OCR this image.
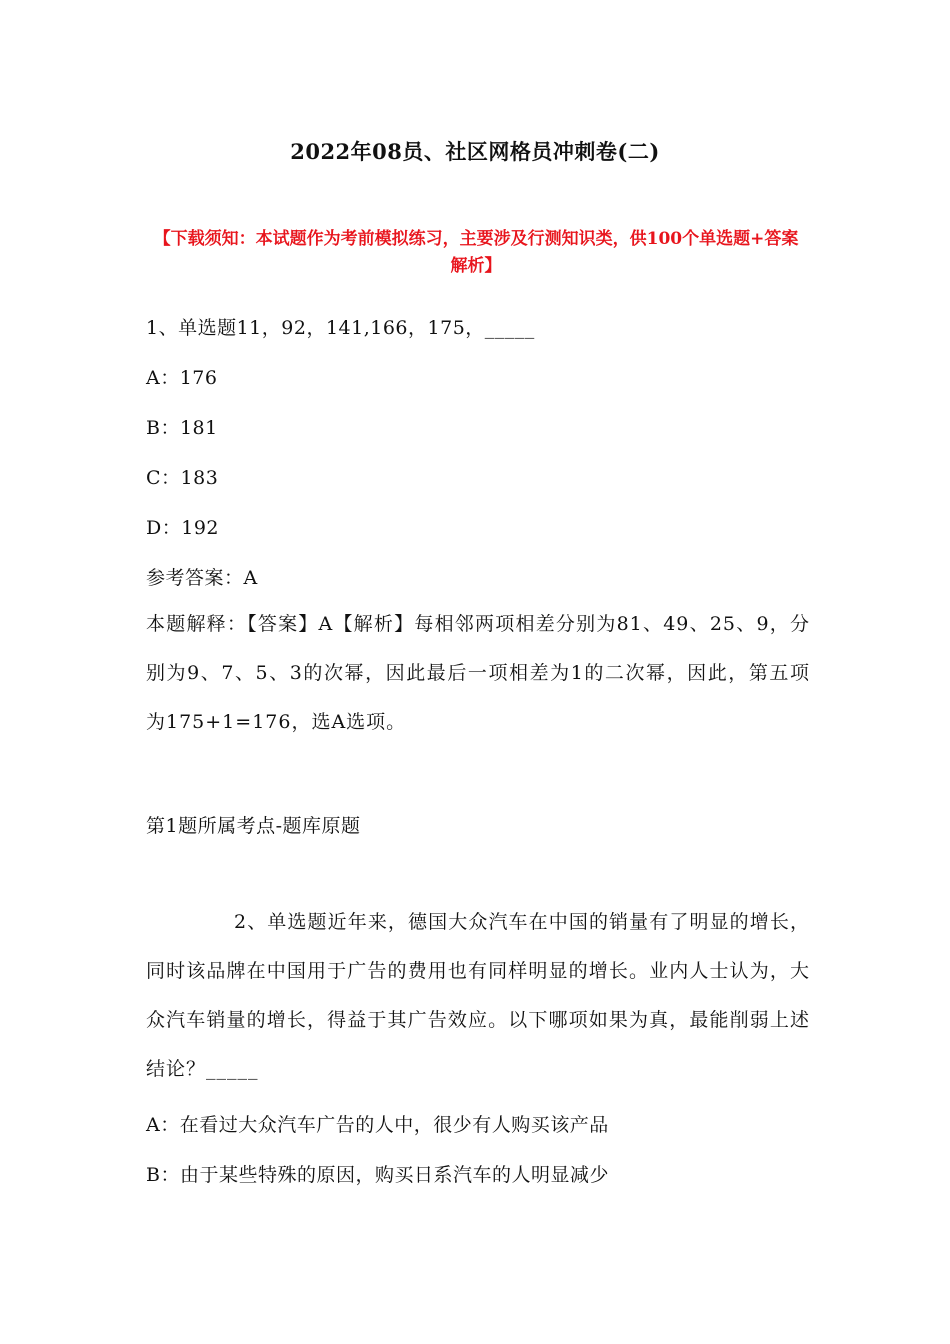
2022年08员、社区网格员冲刺卷(二)
【下载须知：本试题作为考前模拟练习，主要涉及行测知识类，供100个单选题+答案解析】
1、单选题11，92，141,166，175，_____
A：176
B：181
C：183
D：192
参考答案：A
本题解释：【答案】A【解析】每相邻两项相差分别为81、49、25、9，分别为9、7、5、3的次幂，因此最后一项相差为1的二次幂，因此，第五项为175+1=176，选A选项。
第1题所属考点-题库原题
2、单选题近年来，德国大众汽车在中国的销量有了明显的增长，同时该品牌在中国用于广告的费用也有同样明显的增长。业内人士认为，大众汽车销量的增长，得益于其广告效应。以下哪项如果为真，最能削弱上述结论？_____
A：在看过大众汽车广告的人中，很少有人购买该产品
B：由于某些特殊的原因，购买日系汽车的人明显减少
